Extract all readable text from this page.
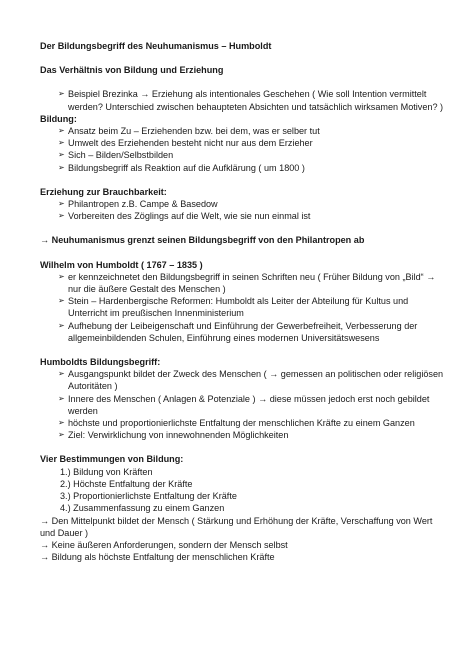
Der Bildungsbegriff des Neuhumanismus – Humboldt
Das Verhältnis von Bildung und Erziehung
➢ Beispiel Brezinka → Erziehung als intentionales Geschehen ( Wie soll Intention vermittelt werden? Unterschied zwischen behaupteten Absichten und tatsächlich wirksamen Motiven? )
Bildung:
➢ Ansatz beim Zu – Erziehenden bzw. bei dem, was er selber tut
➢ Umwelt des Erziehenden besteht nicht nur aus dem Erzieher
➢ Sich – Bilden/Selbstbilden
➢ Bildungsbegriff als Reaktion auf die Aufklärung ( um 1800 )
Erziehung zur Brauchbarkeit:
➢ Philantropen z.B. Campe & Basedow
➢ Vorbereiten des Zöglings auf die Welt, wie sie nun einmal ist
→ Neuhumanismus grenzt seinen Bildungsbegriff von den Philantropen ab
Wilhelm von Humboldt ( 1767 – 1835 )
➢ er kennzeichnetet den Bildungsbegriff in seinen Schriften neu ( Früher Bildung von „Bild“ → nur die äußere Gestalt des Menschen )
➢ Stein – Hardenbergische Reformen: Humboldt als Leiter der Abteilung für Kultus und Unterricht im preußischen Innenministerium
➢ Aufhebung der Leibeigenschaft und Einführung der Gewerbefreiheit, Verbesserung der allgemeinbildenden Schulen, Einführung eines modernen Universitätswesens
Humboldts Bildungsbegriff:
➢ Ausgangspunkt bildet der Zweck des Menschen ( → gemessen an politischen oder religiösen Autoritäten )
➢ Innere des Menschen ( Anlagen & Potenziale ) → diese müssen jedoch erst noch gebildet werden
➢ höchste und proportionierlichste Entfaltung der menschlichen Kräfte zu einem Ganzen
➢ Ziel: Verwirklichung von innewohnenden Möglichkeiten
Vier Bestimmungen von Bildung:
1.) Bildung von Kräften
2.) Höchste Entfaltung der Kräfte
3.) Proportionierlichste Entfaltung der Kräfte
4.) Zusammenfassung zu einem Ganzen
→ Den Mittelpunkt bildet der Mensch ( Stärkung und Erhöhung der Kräfte, Verschaffung von Wert und Dauer )
→ Keine äußeren Anforderungen, sondern der Mensch selbst
→ Bildung als höchste Entfaltung der menschlichen Kräfte
